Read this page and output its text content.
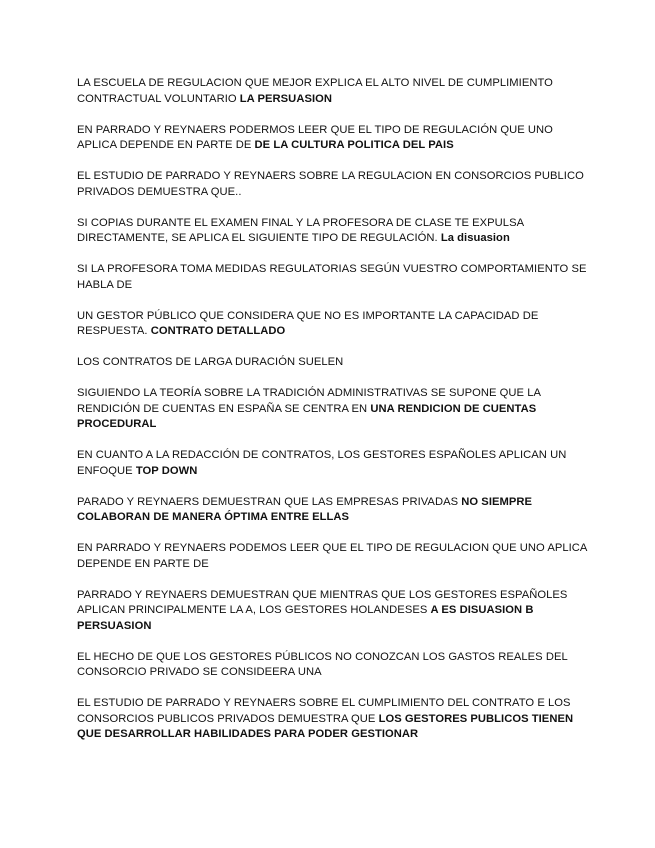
LA ESCUELA DE REGULACION QUE MEJOR EXPLICA EL ALTO NIVEL DE CUMPLIMIENTO CONTRACTUAL VOLUNTARIO LA PERSUASION

EN PARRADO Y REYNAERS PODERMOS LEER QUE EL TIPO DE REGULACIÓN QUE UNO APLICA DEPENDE EN PARTE DE DE LA CULTURA POLITICA DEL PAIS

EL ESTUDIO DE PARRADO Y REYNAERS SOBRE LA REGULACION EN CONSORCIOS PUBLICO PRIVADOS DEMUESTRA QUE..

SI COPIAS DURANTE EL EXAMEN FINAL Y LA PROFESORA DE CLASE TE EXPULSA DIRECTAMENTE, SE APLICA EL SIGUIENTE TIPO DE REGULACIÓN. La disuasion

SI LA PROFESORA TOMA MEDIDAS REGULATORIAS SEGÚN VUESTRO COMPORTAMIENTO SE HABLA DE

UN GESTOR PÚBLICO QUE CONSIDERA QUE NO ES IMPORTANTE LA CAPACIDAD DE RESPUESTA. CONTRATO DETALLADO

LOS CONTRATOS DE LARGA DURACIÓN SUELEN

SIGUIENDO LA TEORÍA SOBRE LA TRADICIÓN ADMINISTRATIVAS SE SUPONE QUE LA RENDICIÓN DE CUENTAS EN ESPAÑA SE CENTRA EN UNA RENDICION DE CUENTAS PROCEDURAL

EN CUANTO A LA REDACCIÓN DE CONTRATOS, LOS GESTORES ESPAÑOLES APLICAN UN ENFOQUE TOP DOWN

PARADO Y REYNAERS DEMUESTRAN QUE LAS EMPRESAS PRIVADAS NO SIEMPRE COLABORAN DE MANERA ÓPTIMA ENTRE ELLAS

EN PARRADO Y REYNAERS PODEMOS LEER QUE EL TIPO DE REGULACION QUE UNO APLICA DEPENDE EN PARTE DE

PARRADO Y REYNAERS DEMUESTRAN QUE MIENTRAS QUE LOS GESTORES ESPAÑOLES APLICAN PRINCIPALMENTE LA A, LOS GESTORES HOLANDESES A ES DISUASION B PERSUASION

EL HECHO DE QUE LOS GESTORES PÚBLICOS NO CONOZCAN LOS GASTOS REALES DEL CONSORCIO PRIVADO SE CONSIDEERA UNA

EL ESTUDIO DE PARRADO Y REYNAERS SOBRE EL CUMPLIMIENTO DEL CONTRATO E LOS CONSORCIOS PUBLICOS PRIVADOS DEMUESTRA QUE LOS GESTORES PUBLICOS TIENEN QUE DESARROLLAR HABILIDADES PARA PODER GESTIONAR
